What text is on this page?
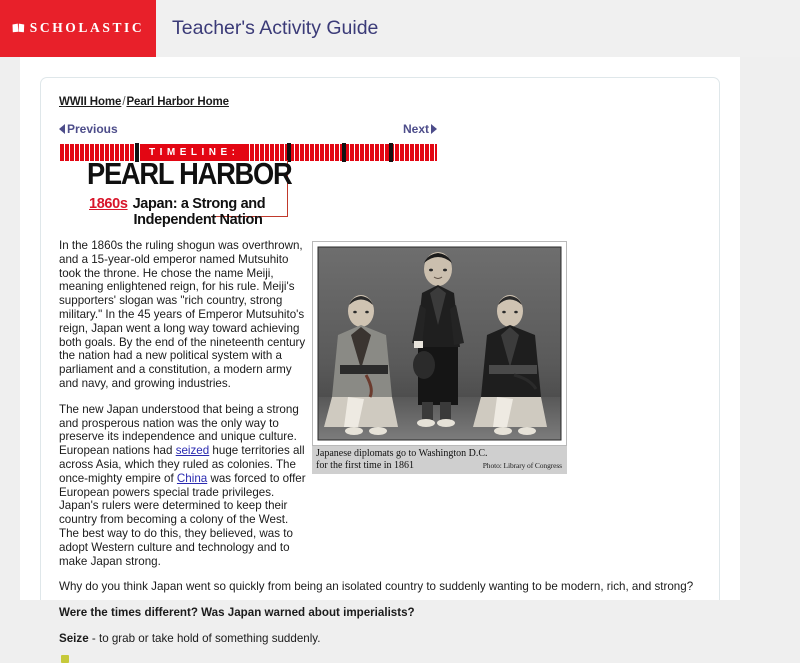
SCHOLASTIC Teacher's Activity Guide
WWII Home/Pearl Harbor Home
Previous	Next
TIMELINE:
PEARL HARBOR
1860s Japan: a Strong and
Independent Nation

In the 1860s the ruling shogun was overthrown, and a 15-year-old emperor named Mutsuhito took the throne. He chose the name Meiji, meaning enlightened reign, for his rule. Meiji's supporters' slogan was "rich country, strong military." In the 45 years of Emperor Mutsuhito's reign, Japan went a long way toward achieving both goals. By the end of the nineteenth century the nation had a new political system with a parliament and a constitution, a modern army and navy, and growing industries.

The new Japan understood that being a strong and prosperous nation was the only way to preserve its independence and unique culture. European nations had seized huge territories all across Asia, which they ruled as colonies. The once-mighty empire of China was forced to offer European powers special trade privileges. Japan's rulers were determined to keep their country from becoming a colony of the West. The best way to do this, they believed, was to adopt Western culture and technology and to make Japan strong.

Japanese diplomats go to Washington D.C.
for the first time in 1861	Photo: Library of Congress

Why do you think Japan went so quickly from being an isolated country to suddenly wanting to be modern, rich, and strong?

Were the times different? Was Japan warned about imperialists?

Seize - to grab or take hold of something suddenly.
